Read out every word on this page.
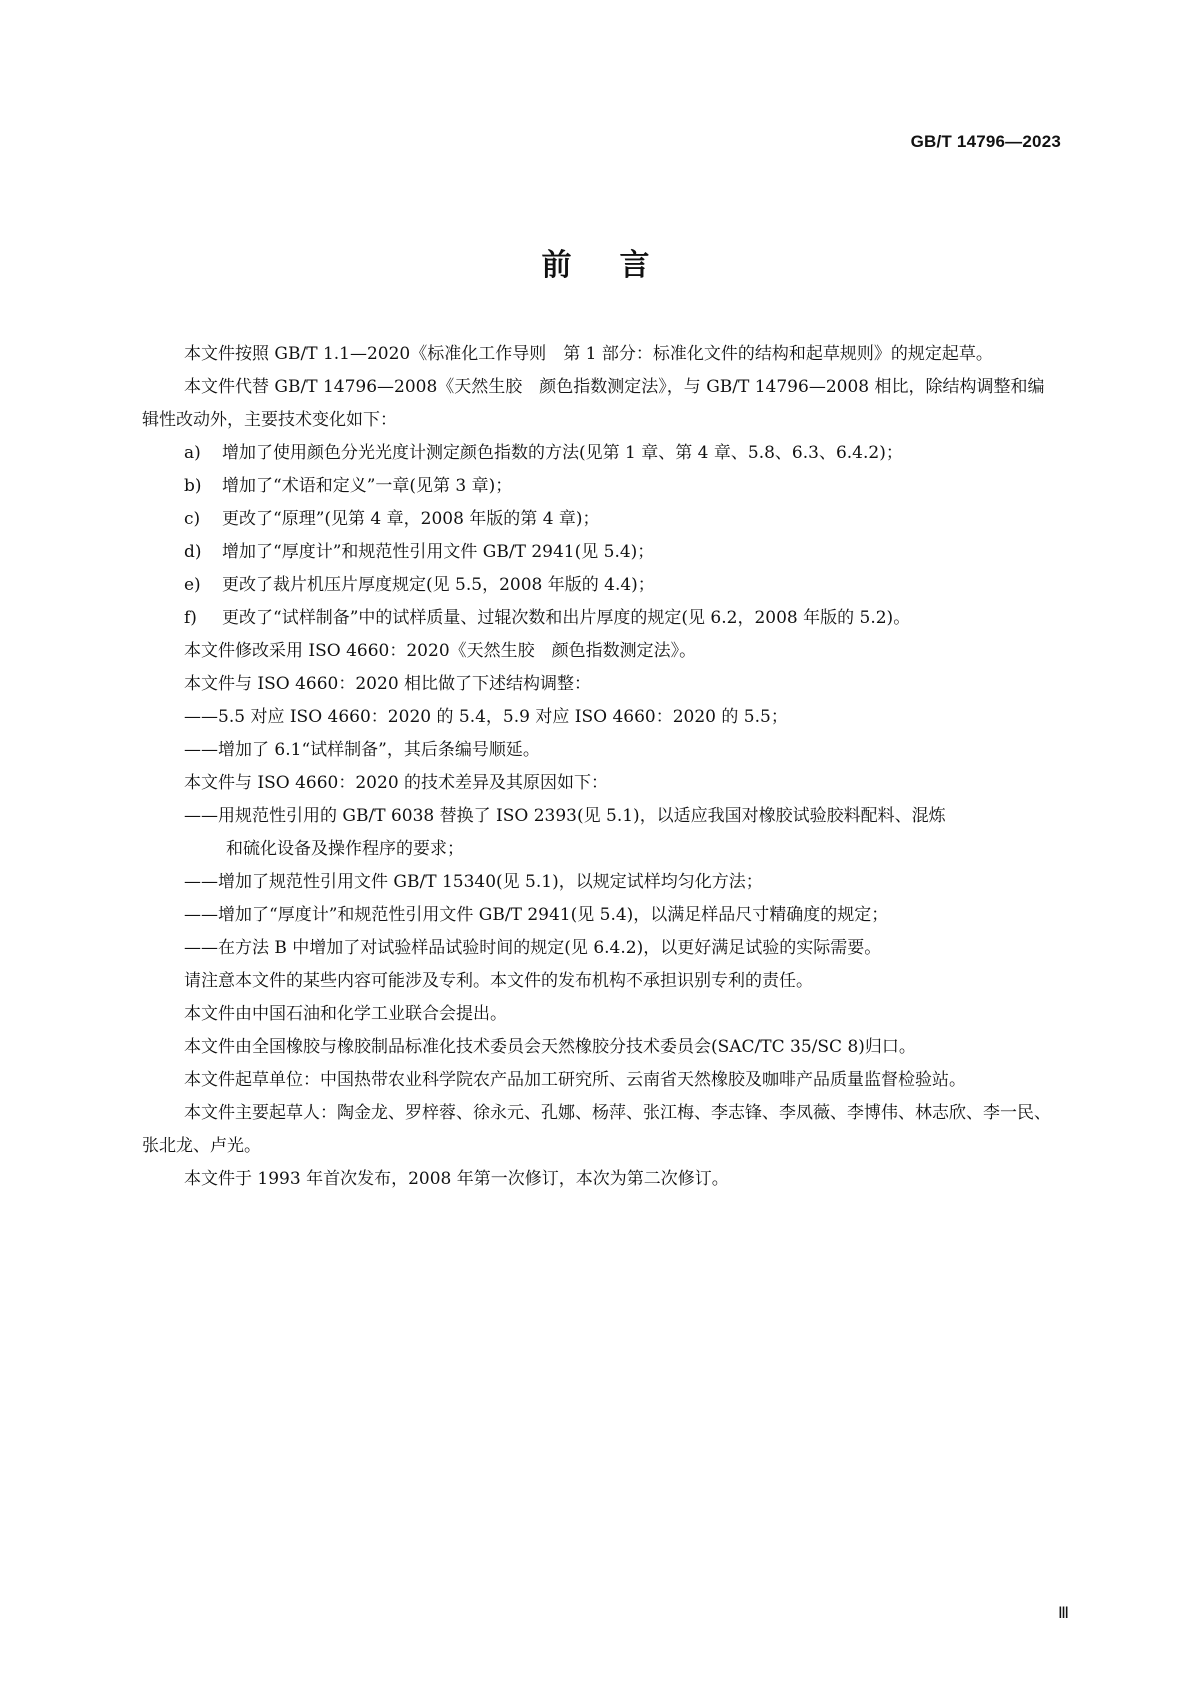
GB/T 14796—2023
前言

本文件按照 GB/T 1.1—2020《标准化工作导则　第 1 部分：标准化文件的结构和起草规则》的规定起草。

本文件代替 GB/T 14796—2008《天然生胶　颜色指数测定法》，与 GB/T 14796—2008 相比，除结构调整和编辑性改动外，主要技术变化如下：

a) 增加了使用颜色分光光度计测定颜色指数的方法(见第 1 章、第 4 章、5.8、6.3、6.4.2)；

b) 增加了“术语和定义”一章(见第 3 章)；

c) 更改了“原理”(见第 4 章，2008 年版的第 4 章)；

d) 增加了“厚度计”和规范性引用文件 GB/T 2941(见 5.4)；

e) 更改了裁片机压片厚度规定(见 5.5，2008 年版的 4.4)；

f) 更改了“试样制备”中的试样质量、过辊次数和出片厚度的规定(见 6.2，2008 年版的 5.2)。

本文件修改采用 ISO 4660：2020《天然生胶　颜色指数测定法》。

本文件与 ISO 4660：2020 相比做了下述结构调整：

——5.5 对应 ISO 4660：2020 的 5.4，5.9 对应 ISO 4660：2020 的 5.5；

——增加了 6.1“试样制备”，其后条编号顺延。

本文件与 ISO 4660：2020 的技术差异及其原因如下：

——用规范性引用的 GB/T 6038 替换了 ISO 2393(见 5.1)，以适应我国对橡胶试验胶料配料、混炼

和硫化设备及操作程序的要求；

——增加了规范性引用文件 GB/T 15340(见 5.1)，以规定试样均匀化方法；

——增加了“厚度计”和规范性引用文件 GB/T 2941(见 5.4)，以满足样品尺寸精确度的规定；

——在方法 B 中增加了对试验样品试验时间的规定(见 6.4.2)，以更好满足试验的实际需要。

请注意本文件的某些内容可能涉及专利。本文件的发布机构不承担识别专利的责任。

本文件由中国石油和化学工业联合会提出。

本文件由全国橡胶与橡胶制品标准化技术委员会天然橡胶分技术委员会(SAC/TC 35/SC 8)归口。

本文件起草单位：中国热带农业科学院农产品加工研究所、云南省天然橡胶及咖啡产品质量监督检验站。

本文件主要起草人：陶金龙、罗梓蓉、徐永元、孔娜、杨萍、张江梅、李志锋、李凤薇、李博伟、林志欣、李一民、张北龙、卢光。

本文件于 1993 年首次发布，2008 年第一次修订，本次为第二次修订。

Ⅲ
